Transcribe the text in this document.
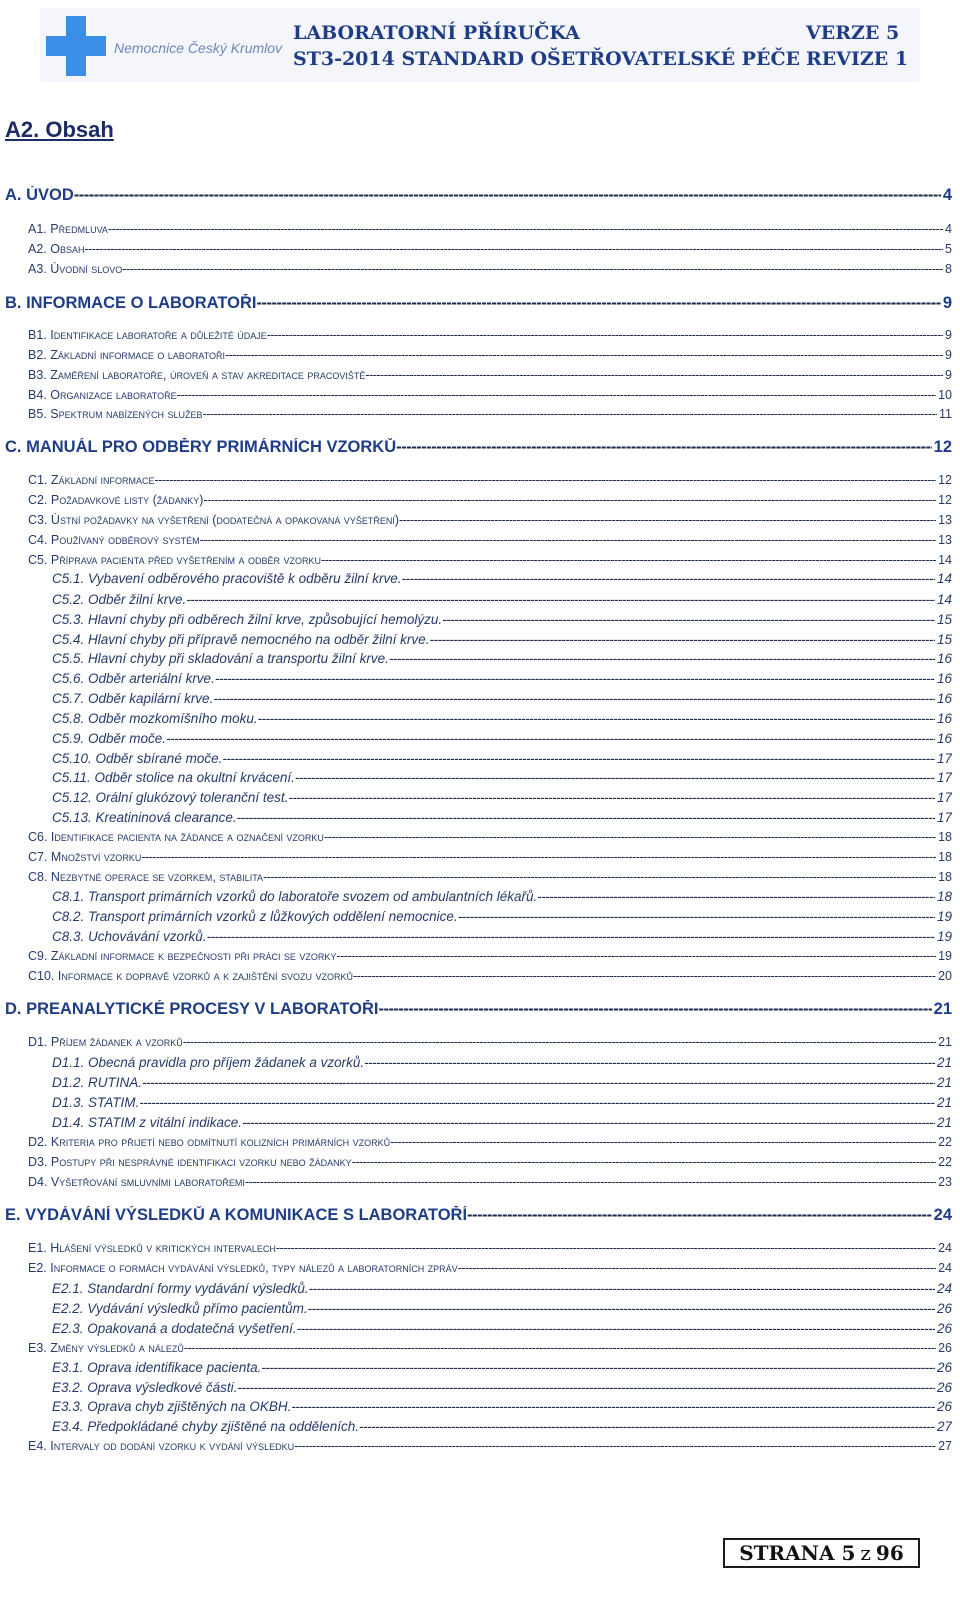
Nemocnice Český Krumlov
LABORATORNÍ PŘÍRUČKA
ST3-2014 STANDARD OŠETŘOVATELSKÉ PÉČE
VERZE 5
REVIZE 1
A2. Obsah
A. ÚVOD -----	4
A1. Předmluva -----	4
A2. Obsah -----	5
A3. Úvodní slovo -----	8
B. INFORMACE O LABORATOŘI -----	9
B1. Identifikace laboratoře a důležité údaje -----	9
B2. Základní informace o laboratoři -----	9
B3. Zaměření laboratoře, úroveň a stav akreditace pracoviště -----	9
B4. Organizace laboratoře -----	10
B5. Spektrum nabízených služeb -----	11
C. MANUÁL PRO ODBĚRY PRIMÁRNÍCH VZORKŮ -----	12
C1. Základní informace -----	12
C2. Požadavkové listy (žádanky) -----	12
C3. Ústní požadavky na vyšetření (dodatečná a opakovaná vyšetření) -----	13
C4. Používaný odběrový systém -----	13
C5. Příprava pacienta před vyšetřením a odběr vzorku -----	14
C5.1. Vybavení odběrového pracoviště k odběru žilní krve. -----	14
C5.2. Odběr žilní krve. -----	14
C5.3. Hlavní chyby při odběrech žilní krve, způsobující hemolýzu. -----	15
C5.4. Hlavní chyby při přípravě nemocného na odběr žilní krve. -----	15
C5.5. Hlavní chyby při skladování a transportu žilní krve. -----	16
C5.6. Odběr arteriální krve. -----	16
C5.7. Odběr kapilární krve. -----	16
C5.8. Odběr mozkomíšního moku. -----	16
C5.9. Odběr moče. -----	16
C5.10. Odběr sbírané moče. -----	17
C5.11. Odběr stolice na okultní krvácení. -----	17
C5.12. Orální glukózový toleranční test. -----	17
C5.13. Kreatininová clearance. -----	17
C6. Identifikace pacienta na žádance a označení vzorku -----	18
C7. Množství vzorku -----	18
C8. Nezbytné operace se vzorkem, stabilita -----	18
C8.1. Transport primárních vzorků do laboratoře svozem od ambulantních lékařů. -----	18
C8.2. Transport primárních vzorků z lůžkových oddělení nemocnice. -----	19
C8.3. Uchovávání vzorků. -----	19
C9. Základní informace k bezpečnosti při práci se vzorky -----	19
C10. Informace k dopravě vzorků a k zajištění svozu vzorků -----	20
D. PREANALYTICKÉ PROCESY V LABORATOŘI -----	21
D1. Příjem žádanek a vzorků -----	21
D1.1. Obecná pravidla pro příjem žádanek a vzorků. -----	21
D1.2. RUTINA. -----	21
D1.3. STATIM. -----	21
D1.4. STATIM z vitální indikace. -----	21
D2. Kriteria pro přijetí nebo odmítnutí kolizních primárních vzorků -----	22
D3. Postupy při nesprávné identifikaci vzorku nebo žádanky -----	22
D4. Vyšetřování smluvními laboratořemi -----	23
E. VYDÁVÁNÍ VÝSLEDKŮ A KOMUNIKACE S LABORATOŘÍ -----	24
E1. Hlášení výsledků v kritických intervalech -----	24
E2. Informace o formách vydávání výsledků, typy nálezů a laboratorních zpráv -----	24
E2.1. Standardní formy vydávání výsledků. -----	24
E2.2. Vydávání výsledků přímo pacientům. -----	26
E2.3. Opakovaná a dodatečná vyšetření. -----	26
E3. Změny výsledků a nálezů -----	26
E3.1. Oprava identifikace pacienta. -----	26
E3.2. Oprava výsledkové části. -----	26
E3.3. Oprava chyb zjištěných na OKBH. -----	26
E3.4. Předpokládané chyby zjištěné na odděleních. -----	27
E4. Intervaly od dodání vzorku k vydání výsledku -----	27
STRANA
5 z 96
